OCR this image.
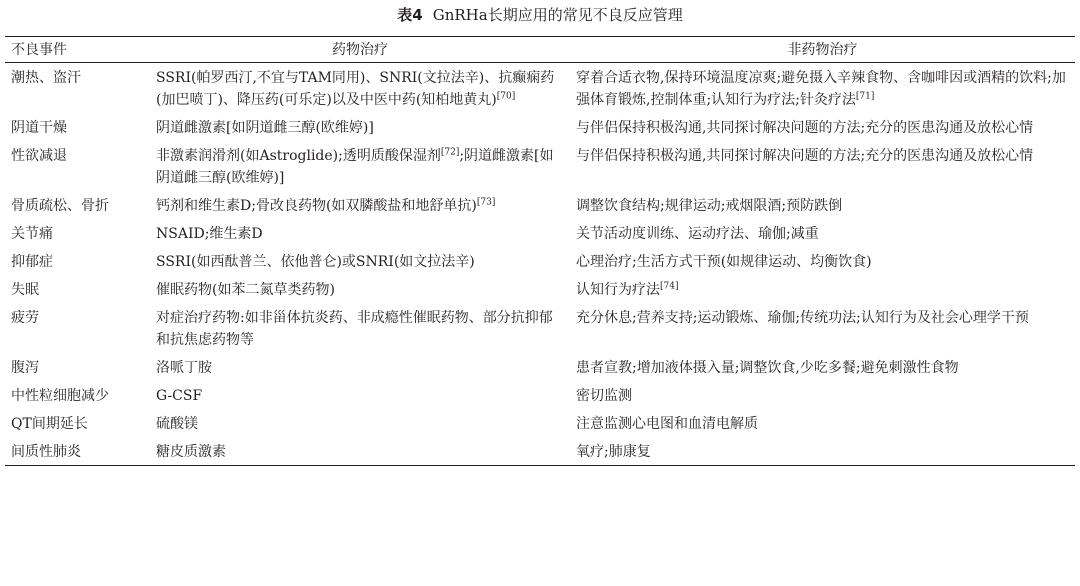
表4 GnRHa长期应用的常见不良反应管理
不良事件	药物治疗	非药物治疗
潮热、盗汗	SSRI(帕罗西汀,不宜与TAM同用)、SNRI(文拉法辛)、抗癫痫药(加巴喷丁)、降压药(可乐定)以及中医中药(知柏地黄丸)[70]	穿着合适衣物,保持环境温度凉爽;避免摄入辛辣食物、含咖啡因或酒精的饮料;加强体育锻炼,控制体重;认知行为疗法;针灸疗法[71]
阴道干燥	阴道雌激素[如阴道雌三醇(欧维婷)]	与伴侣保持积极沟通,共同探讨解决问题的方法;充分的医患沟通及放松心情
性欲减退	非激素润滑剂(如Astroglide);透明质酸保湿剂[72];阴道雌激素[如阴道雌三醇(欧维婷)]	与伴侣保持积极沟通,共同探讨解决问题的方法;充分的医患沟通及放松心情
骨质疏松、骨折	钙剂和维生素D;骨改良药物(如双膦酸盐和地舒单抗)[73]	调整饮食结构;规律运动;戒烟限酒;预防跌倒
关节痛	NSAID;维生素D	关节活动度训练、运动疗法、瑜伽;减重
抑郁症	SSRI(如西酞普兰、依他普仑)或SNRI(如文拉法辛)	心理治疗;生活方式干预(如规律运动、均衡饮食)
失眠	催眠药物(如苯二氮草类药物)	认知行为疗法[74]
疲劳	对症治疗药物:如非甾体抗炎药、非成瘾性催眠药物、部分抗抑郁和抗焦虑药物等	充分休息;营养支持;运动锻炼、瑜伽;传统功法;认知行为及社会心理学干预
腹泻	洛哌丁胺	患者宣教;增加液体摄入量;调整饮食,少吃多餐;避免刺激性食物
中性粒细胞减少	G-CSF	密切监测
QT间期延长	硫酸镁	注意监测心电图和血清电解质
间质性肺炎	糖皮质激素	氧疗;肺康复
